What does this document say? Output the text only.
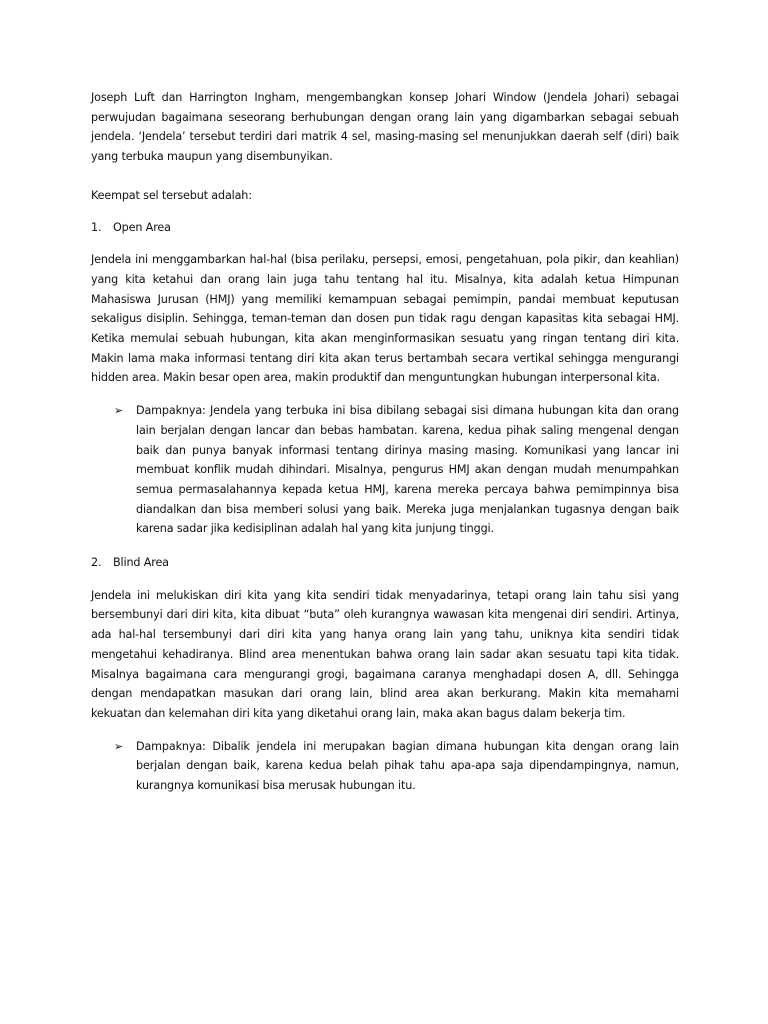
Joseph Luft dan Harrington Ingham, mengembangkan konsep Johari Window (Jendela Johari) sebagai perwujudan bagaimana seseorang berhubungan dengan orang lain yang digambarkan sebagai sebuah jendela. ‘Jendela’ tersebut terdiri dari matrik 4 sel, masing-masing sel menunjukkan daerah self (diri) baik yang terbuka maupun yang disembunyikan.

Keempat sel tersebut adalah:

1. Open Area

Jendela ini menggambarkan hal-hal (bisa perilaku, persepsi, emosi, pengetahuan, pola pikir, dan keahlian) yang kita ketahui dan orang lain juga tahu tentang hal itu. Misalnya, kita adalah ketua Himpunan Mahasiswa Jurusan (HMJ) yang memiliki kemampuan sebagai pemimpin, pandai membuat keputusan sekaligus disiplin. Sehingga, teman-teman dan dosen pun tidak ragu dengan kapasitas kita sebagai HMJ. Ketika memulai sebuah hubungan, kita akan menginformasikan sesuatu yang ringan tentang diri kita. Makin lama maka informasi tentang diri kita akan terus bertambah secara vertikal sehingga mengurangi hidden area. Makin besar open area, makin produktif dan menguntungkan hubungan interpersonal kita.

➢ Dampaknya: Jendela yang terbuka ini bisa dibilang sebagai sisi dimana hubungan kita dan orang lain berjalan dengan lancar dan bebas hambatan. karena, kedua pihak saling mengenal dengan baik dan punya banyak informasi tentang dirinya masing masing. Komunikasi yang lancar ini membuat konflik mudah dihindari. Misalnya, pengurus HMJ akan dengan mudah menumpahkan semua permasalahannya kepada ketua HMJ, karena mereka percaya bahwa pemimpinnya bisa diandalkan dan bisa memberi solusi yang baik. Mereka juga menjalankan tugasnya dengan baik karena sadar jika kedisiplinan adalah hal yang kita junjung tinggi.

2. Blind Area

Jendela ini melukiskan diri kita yang kita sendiri tidak menyadarinya, tetapi orang lain tahu sisi yang bersembunyi dari diri kita, kita dibuat “buta” oleh kurangnya wawasan kita mengenai diri sendiri. Artinya, ada hal-hal tersembunyi dari diri kita yang hanya orang lain yang tahu, uniknya kita sendiri tidak mengetahui kehadiranya. Blind area menentukan bahwa orang lain sadar akan sesuatu tapi kita tidak. Misalnya bagaimana cara mengurangi grogi, bagaimana caranya menghadapi dosen A, dll. Sehingga dengan mendapatkan masukan dari orang lain, blind area akan berkurang. Makin kita memahami kekuatan dan kelemahan diri kita yang diketahui orang lain, maka akan bagus dalam bekerja tim.

➢ Dampaknya: Dibalik jendela ini merupakan bagian dimana hubungan kita dengan orang lain berjalan dengan baik, karena kedua belah pihak tahu apa-apa saja dipendampingnya, namun, kurangnya komunikasi bisa merusak hubungan itu.
